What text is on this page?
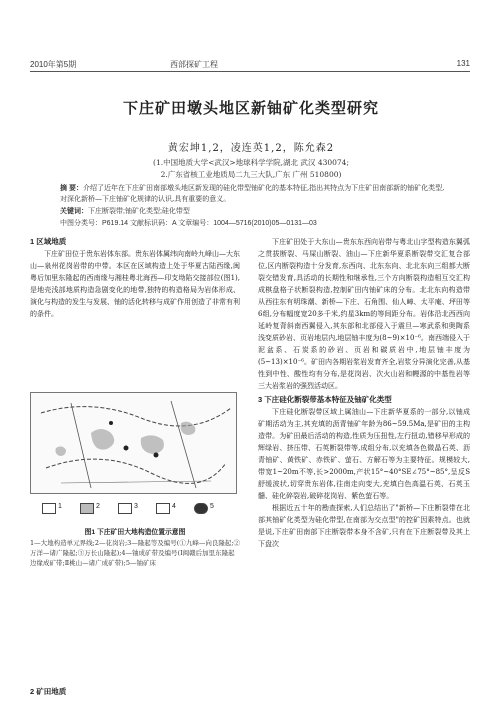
2010年第5期	西部探矿工程	131
下庄矿田墩头地区新铀矿化类型研究
黄宏坤1,2，凌连英1,2，陈允森2
(1.中国地质大学<武汉>地球科学学院,湖北 武汉 430074;
2.广东省核工业地质局二九三大队,广东 广州 510800)
摘 要：介绍了近年在下庄矿田南部墩头地区新发现的硅化带型铀矿化的基本特征,指出其特点为下庄矿田南部新的铀矿化类型,对深化新桥—下庄铀矿化规律的认识,具有重要的意义。
关键词：下庄断裂带;铀矿化类型;硅化带型
中图分类号：P619.14 文献标识码：A 文章编号：1004—5716(2010)05—0131—03
1 区域地质
下庄矿田位于贵东岩体东部。贵东岩体属纬向南岭九峰山—大东山—泉州花岗岩带的中带。本区在区域构造上处于华夏古陆西缘,闽粤后加里东隆起的西南缘与湘桂粤北海西—印支坳陷交接部位(图1),是地壳浅部地质构造急剧变化的地带,独特的构造格局为岩体形成、演化与构造的发生与发展、铀的活化转移与成矿作用创造了非常有利的条件。
1	2	3	4	5
图1 下庄矿田大地构造位置示意图
1—大地构造单元界线;2—花岗岩;3—隆起等及编号(①九峰—向良隆起;②万洋—诸广隆起;③万长山隆起);4—铀成矿带及编号(Ⅰ闽赣后加里东隆起边缘成矿带;Ⅱ桃山—诸广成矿带);5—铀矿床
2 矿田地质
下庄矿田处于大东山—贵东东西向岩带与粤北山字型构造东翼弧之贯拔断裂、马屎山断裂、油山—下庄新华夏系断裂带交汇复合部位,区内断裂构造十分发育,东西向、北东东向、北北东向三组都大断裂交错发育,具活动的长期性和继承性,三个方向断裂构造相互交汇构成棋盘格子状断裂构造,控制矿田内铀矿床的分布。北北东向构造带从西往东有明珠潮、新桥—下庄、石角围、仙人嶂、太平庵、坪田等6组,分布幅度宽20多千米,约星3km的等间距分布。岩体沿北西西向延岭复背斜南西翼侵入,其东部和北部侵入于震旦—寒武系和奥陶系浅变质砂岩、页岩地层内,地层铀丰度为(8~9)×10⁻⁶。南西端侵入于泥盆系、石炭系的砂岩、页岩和碳质岩中,地层铀丰度为(5~13)×10⁻⁶。矿田内各期岩浆岩发育齐全,岩浆分异演化完善,从基性到中性、酸性均有分布,是花岗岩、次火山岩和幔源的中基性岩等三大岩浆岩的强烈活动区。
3 下庄硅化断裂带基本特征及铀矿化类型
下庄硅化断裂带区域上属油山—下庄新华夏系的一部分,以铀成矿期活动为主,其充填的沥青铀矿年龄为86~59.5Ma,是矿田的主构造带。为矿田最后活动的构造,性质为压扭性,左行扭动,错移早形成的辉绿岩、挤压带、石英断裂带等,成组分布,以充填各色微晶石英、沥青铀矿、黄铁矿、赤铁矿、萤石、方解石等为主要特征。规模较大,带宽1~20m不等,长>2000m,产状15°~40°SE∠75°~85°,呈反S舒缓波状,切穿贵东岩体,往南走向变大,充填白色高温石英、石英玉髓、硅化碎裂岩,破碎花岗岩、紫色萤石等。
根据近五十年的勘查探索,人们总结出了"新桥—下庄断裂带在北部其铀矿化类型为硅化带型,在南部为交点型"的控矿因素特点。也就是说,下庄矿田南部下庄断裂带本身不含矿,只有在下庄断裂带及其上下盘次
